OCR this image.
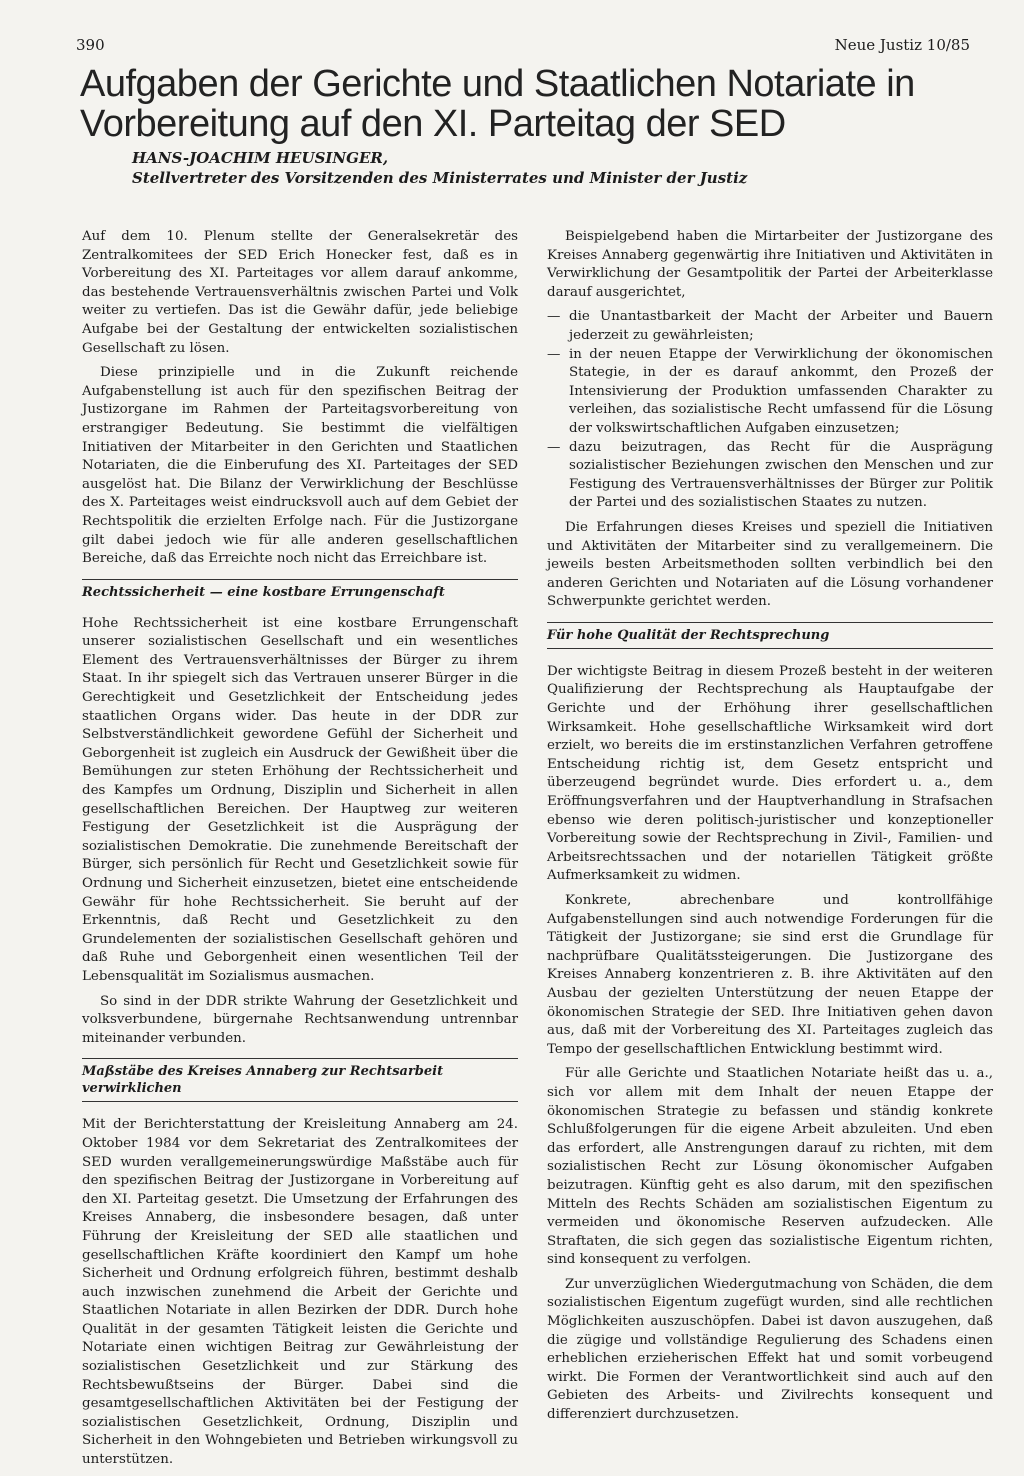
390	Neue Justiz 10/85
Aufgaben der Gerichte und Staatlichen Notariate in Vorbereitung auf den XI. Parteitag der SED
HANS-JOACHIM HEUSINGER,
Stellvertreter des Vorsitzenden des Ministerrates und Minister der Justiz

Auf dem 10. Plenum stellte der Generalsekretär des Zentralkomitees der SED Erich Honecker fest, daß es in Vorbereitung des XI. Parteitages vor allem darauf ankomme, das bestehende Vertrauensverhältnis zwischen Partei und Volk weiter zu vertiefen. Das ist die Gewähr dafür, jede beliebige Aufgabe bei der Gestaltung der entwickelten sozialistischen Gesellschaft zu lösen.

Diese prinzipielle und in die Zukunft reichende Aufgabenstellung ist auch für den spezifischen Beitrag der Justizorgane im Rahmen der Parteitagsvorbereitung von erstrangiger Bedeutung. Sie bestimmt die vielfältigen Initiativen der Mitarbeiter in den Gerichten und Staatlichen Notariaten, die die Einberufung des XI. Parteitages der SED ausgelöst hat. Die Bilanz der Verwirklichung der Beschlüsse des X. Parteitages weist eindrucksvoll auch auf dem Gebiet der Rechtspolitik die erzielten Erfolge nach. Für die Justizorgane gilt dabei jedoch wie für alle anderen gesellschaftlichen Bereiche, daß das Erreichte noch nicht das Erreichbare ist.

Rechtssicherheit — eine kostbare Errungenschaft

Hohe Rechtssicherheit ist eine kostbare Errungenschaft unserer sozialistischen Gesellschaft und ein wesentliches Element des Vertrauensverhältnisses der Bürger zu ihrem Staat. In ihr spiegelt sich das Vertrauen unserer Bürger in die Gerechtigkeit und Gesetzlichkeit der Entscheidung jedes staatlichen Organs wider. Das heute in der DDR zur Selbstverständlichkeit gewordene Gefühl der Sicherheit und Geborgenheit ist zugleich ein Ausdruck der Gewißheit über die Bemühungen zur steten Erhöhung der Rechtssicherheit und des Kampfes um Ordnung, Disziplin und Sicherheit in allen gesellschaftlichen Bereichen. Der Hauptweg zur weiteren Festigung der Gesetzlichkeit ist die Ausprägung der sozialistischen Demokratie. Die zunehmende Bereitschaft der Bürger, sich persönlich für Recht und Gesetzlichkeit sowie für Ordnung und Sicherheit einzusetzen, bietet eine entscheidende Gewähr für hohe Rechtssicherheit. Sie beruht auf der Erkenntnis, daß Recht und Gesetzlichkeit zu den Grundelementen der sozialistischen Gesellschaft gehören und daß Ruhe und Geborgenheit einen wesentlichen Teil der Lebensqualität im Sozialismus ausmachen.

So sind in der DDR strikte Wahrung der Gesetzlichkeit und volksverbundene, bürgernahe Rechtsanwendung untrennbar miteinander verbunden.

Maßstäbe des Kreises Annaberg zur Rechtsarbeit verwirklichen

Mit der Berichterstattung der Kreisleitung Annaberg am 24. Oktober 1984 vor dem Sekretariat des Zentralkomitees der SED wurden verallgemeinerungswürdige Maßstäbe auch für den spezifischen Beitrag der Justizorgane in Vorbereitung auf den XI. Parteitag gesetzt. Die Umsetzung der Erfahrungen des Kreises Annaberg, die insbesondere besagen, daß unter Führung der Kreisleitung der SED alle staatlichen und gesellschaftlichen Kräfte koordiniert den Kampf um hohe Sicherheit und Ordnung erfolgreich führen, bestimmt deshalb auch inzwischen zunehmend die Arbeit der Gerichte und Staatlichen Notariate in allen Bezirken der DDR. Durch hohe Qualität in der gesamten Tätigkeit leisten die Gerichte und Notariate einen wichtigen Beitrag zur Gewährleistung der sozialistischen Gesetzlichkeit und zur Stärkung des Rechtsbewußtseins der Bürger. Dabei sind die gesamtgesellschaftlichen Aktivitäten bei der Festigung der sozialistischen Gesetzlichkeit, Ordnung, Disziplin und Sicherheit in den Wohngebieten und Betrieben wirkungsvoll zu unterstützen.

Beispielgebend haben die Mirtarbeiter der Justizorgane des Kreises Annaberg gegenwärtig ihre Initiativen und Aktivitäten in Verwirklichung der Gesamtpolitik der Partei der Arbeiterklasse darauf ausgerichtet,

— die Unantastbarkeit der Macht der Arbeiter und Bauern jederzeit zu gewährleisten;
— in der neuen Etappe der Verwirklichung der ökonomischen Stategie, in der es darauf ankommt, den Prozeß der Intensivierung der Produktion umfassenden Charakter zu verleihen, das sozialistische Recht umfassend für die Lösung der volkswirtschaftlichen Aufgaben einzusetzen;
— dazu beizutragen, das Recht für die Ausprägung sozialistischer Beziehungen zwischen den Menschen und zur Festigung des Vertrauensverhältnisses der Bürger zur Politik der Partei und des sozialistischen Staates zu nutzen.

Die Erfahrungen dieses Kreises und speziell die Initiativen und Aktivitäten der Mitarbeiter sind zu verallgemeinern. Die jeweils besten Arbeitsmethoden sollten verbindlich bei den anderen Gerichten und Notariaten auf die Lösung vorhandener Schwerpunkte gerichtet werden.

Für hohe Qualität der Rechtsprechung

Der wichtigste Beitrag in diesem Prozeß besteht in der weiteren Qualifizierung der Rechtsprechung als Hauptaufgabe der Gerichte und der Erhöhung ihrer gesellschaftlichen Wirksamkeit. Hohe gesellschaftliche Wirksamkeit wird dort erzielt, wo bereits die im erstinstanzlichen Verfahren getroffene Entscheidung richtig ist, dem Gesetz entspricht und überzeugend begründet wurde. Dies erfordert u. a., dem Eröffnungsverfahren und der Hauptverhandlung in Strafsachen ebenso wie deren politisch-juristischer und konzeptioneller Vorbereitung sowie der Rechtsprechung in Zivil-, Familien- und Arbeitsrechtssachen und der notariellen Tätigkeit größte Aufmerksamkeit zu widmen.

Konkrete, abrechenbare und kontrollfähige Aufgabenstellungen sind auch notwendige Forderungen für die Tätigkeit der Justizorgane; sie sind erst die Grundlage für nachprüfbare Qualitätssteigerungen. Die Justizorgane des Kreises Annaberg konzentrieren z. B. ihre Aktivitäten auf den Ausbau der gezielten Unterstützung der neuen Etappe der ökonomischen Strategie der SED. Ihre Initiativen gehen davon aus, daß mit der Vorbereitung des XI. Parteitages zugleich das Tempo der gesellschaftlichen Entwicklung bestimmt wird.

Für alle Gerichte und Staatlichen Notariate heißt das u. a., sich vor allem mit dem Inhalt der neuen Etappe der ökonomischen Strategie zu befassen und ständig konkrete Schlußfolgerungen für die eigene Arbeit abzuleiten. Und eben das erfordert, alle Anstrengungen darauf zu richten, mit dem sozialistischen Recht zur Lösung ökonomischer Aufgaben beizutragen. Künftig geht es also darum, mit den spezifischen Mitteln des Rechts Schäden am sozialistischen Eigentum zu vermeiden und ökonomische Reserven aufzudecken. Alle Straftaten, die sich gegen das sozialistische Eigentum richten, sind konsequent zu verfolgen.

Zur unverzüglichen Wiedergutmachung von Schäden, die dem sozialistischen Eigentum zugefügt wurden, sind alle rechtlichen Möglichkeiten auszuschöpfen. Dabei ist davon auszugehen, daß die zügige und vollständige Regulierung des Schadens einen erheblichen erzieherischen Effekt hat und somit vorbeugend wirkt. Die Formen der Verantwortlichkeit sind auch auf den Gebieten des Arbeits- und Zivilrechts konsequent und differenziert durchzusetzen.
